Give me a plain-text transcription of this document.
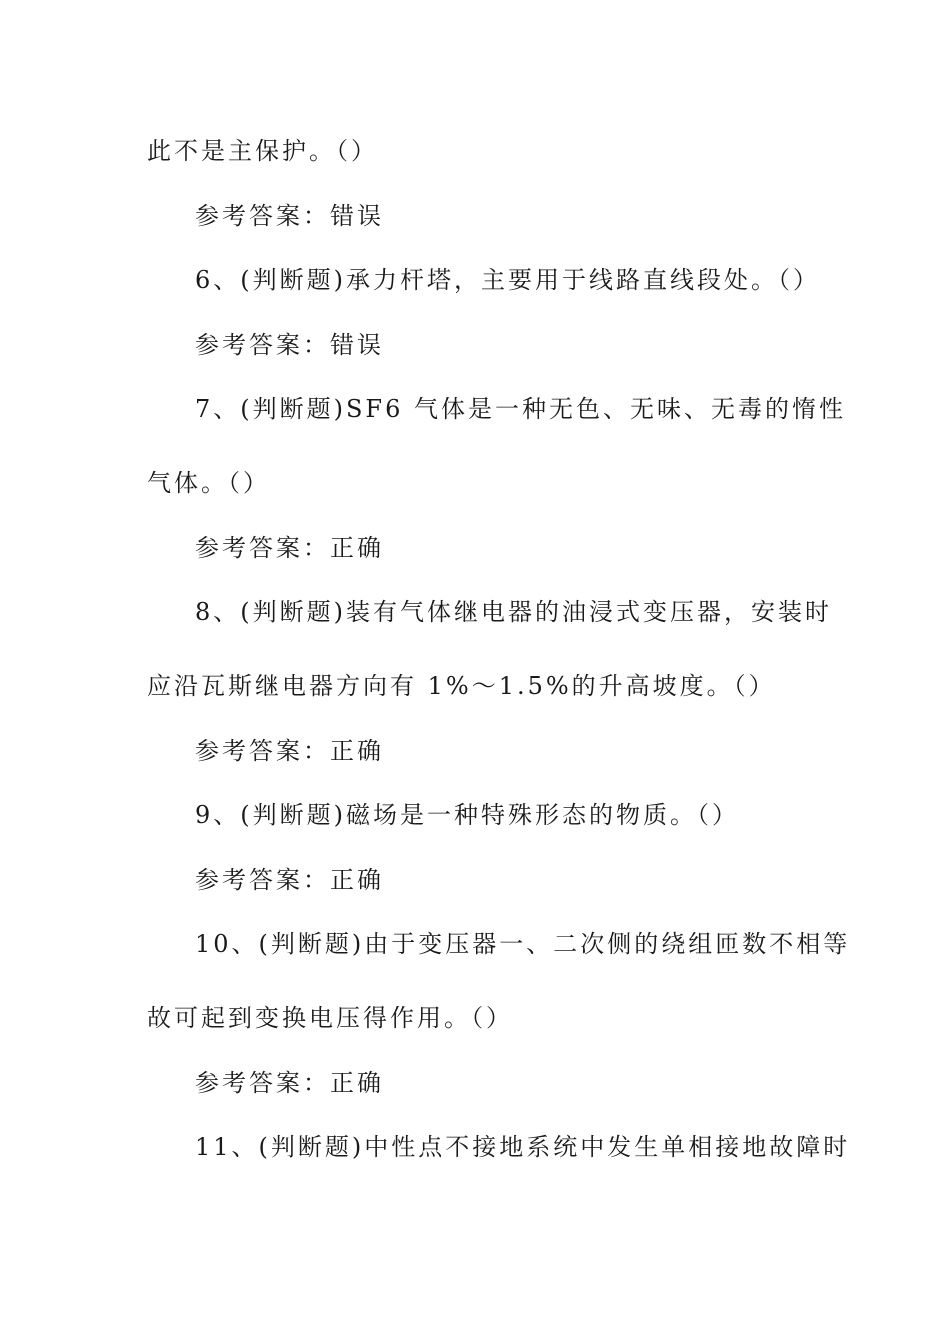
此不是主保护。（）
参考答案：错误
6、(判断题)承力杆塔，主要用于线路直线段处。（）
参考答案：错误
7、(判断题)SF6 气体是一种无色、无味、无毒的惰性
气体。（）
参考答案：正确
8、(判断题)装有气体继电器的油浸式变压器，安装时
应沿瓦斯继电器方向有 1%～1.5%的升高坡度。（）
参考答案：正确
9、(判断题)磁场是一种特殊形态的物质。（）
参考答案：正确
10、(判断题)由于变压器一、二次侧的绕组匝数不相等
故可起到变换电压得作用。（）
参考答案：正确
11、(判断题)中性点不接地系统中发生单相接地故障时
